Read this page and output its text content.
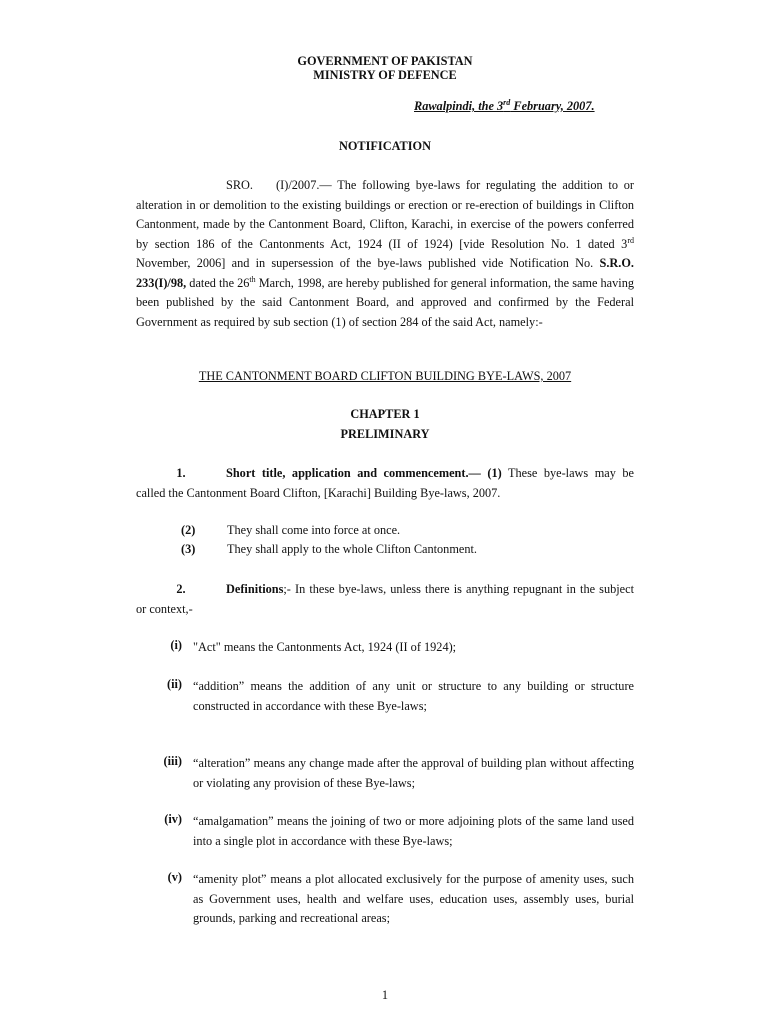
GOVERNMENT OF PAKISTAN
MINISTRY OF DEFENCE
Rawalpindi, the 3rd February, 2007.
NOTIFICATION
SRO. (I)/2007.— The following bye-laws for regulating the addition to or alteration in or demolition to the existing buildings or erection or re-erection of buildings in Clifton Cantonment, made by the Cantonment Board, Clifton, Karachi, in exercise of the powers conferred by section 186 of the Cantonments Act, 1924 (II of 1924) [vide Resolution No. 1 dated 3rd November, 2006] and in supersession of the bye-laws published vide Notification No. S.R.O. 233(I)/98, dated the 26th March, 1998, are hereby published for general information, the same having been published by the said Cantonment Board, and approved and confirmed by the Federal Government as required by sub section (1) of section 284 of the said Act, namely:-
THE CANTONMENT BOARD CLIFTON BUILDING BYE-LAWS, 2007
CHAPTER 1
PRELIMINARY
1.	Short title, application and commencement.— (1) These bye-laws may be called the Cantonment Board Clifton, [Karachi] Building Bye-laws, 2007.
(2)	They shall come into force at once.
(3)	They shall apply to the whole Clifton Cantonment.
2.	Definitions;- In these bye-laws, unless there is anything repugnant in the subject or context,-
(i) "Act" means the Cantonments Act, 1924 (II of 1924);
(ii) “addition” means the addition of any unit or structure to any building or structure constructed in accordance with these Bye-laws;
(iii) “alteration” means any change made after the approval of building plan without affecting or violating any provision of these Bye-laws;
(iv) “amalgamation” means the joining of two or more adjoining plots of the same land used into a single plot in accordance with these Bye-laws;
(v) “amenity plot” means a plot allocated exclusively for the purpose of amenity uses, such as Government uses, health and welfare uses, education uses, assembly uses, burial grounds, parking and recreational areas;
1
